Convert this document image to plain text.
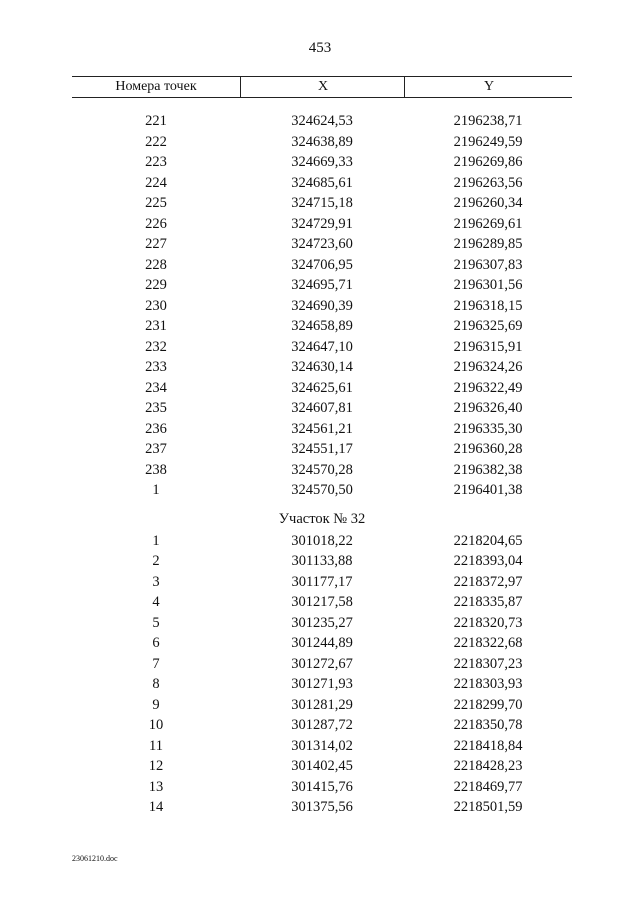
453
Номера точек	X	Y
221	324624,53	2196238,71
222	324638,89	2196249,59
223	324669,33	2196269,86
224	324685,61	2196263,56
225	324715,18	2196260,34
226	324729,91	2196269,61
227	324723,60	2196289,85
228	324706,95	2196307,83
229	324695,71	2196301,56
230	324690,39	2196318,15
231	324658,89	2196325,69
232	324647,10	2196315,91
233	324630,14	2196324,26
234	324625,61	2196322,49
235	324607,81	2196326,40
236	324561,21	2196335,30
237	324551,17	2196360,28
238	324570,28	2196382,38
1	324570,50	2196401,38
Участок № 32
1	301018,22	2218204,65
2	301133,88	2218393,04
3	301177,17	2218372,97
4	301217,58	2218335,87
5	301235,27	2218320,73
6	301244,89	2218322,68
7	301272,67	2218307,23
8	301271,93	2218303,93
9	301281,29	2218299,70
10	301287,72	2218350,78
11	301314,02	2218418,84
12	301402,45	2218428,23
13	301415,76	2218469,77
14	301375,56	2218501,59
23061210.doc
